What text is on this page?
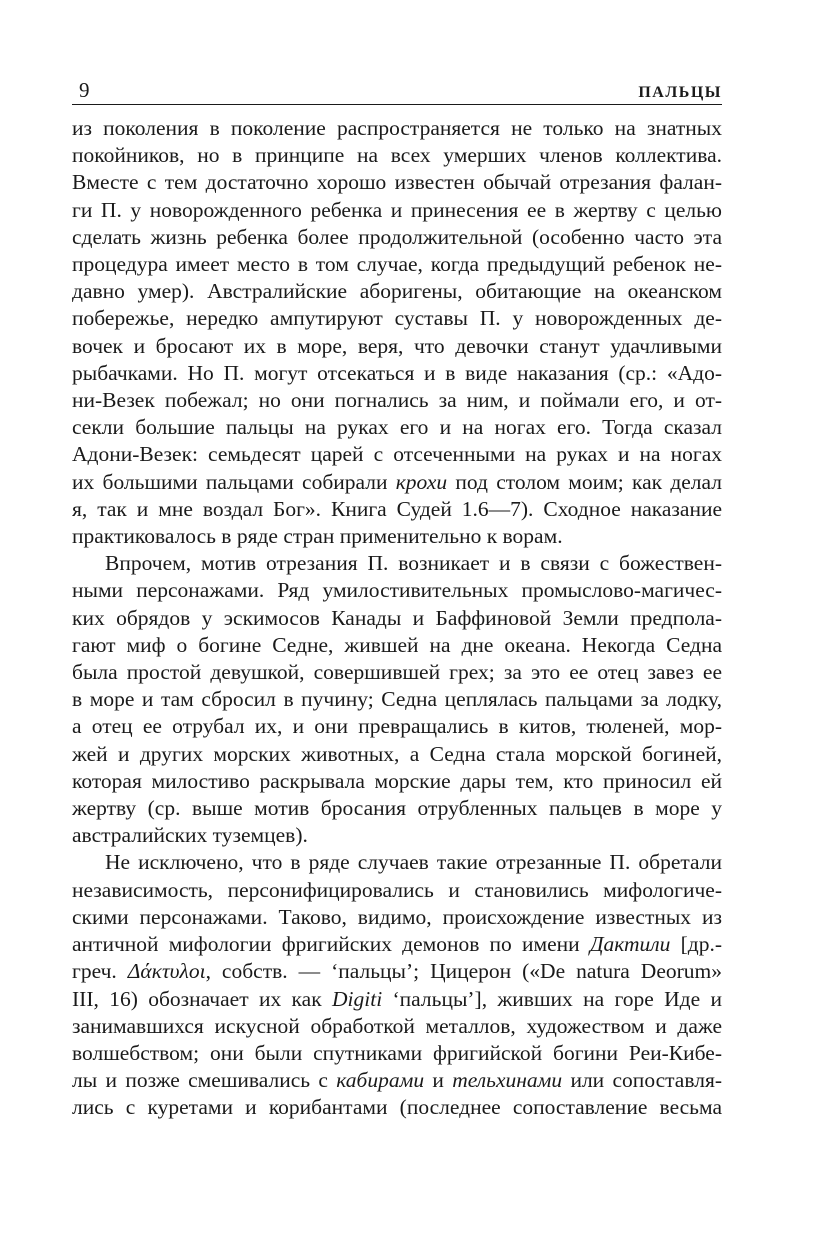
9	ПАЛЬЦЫ
из поколения в поколение распространяется не только на знатных
покойников, но в принципе на всех умерших членов коллектива.
Вместе с тем достаточно хорошо известен обычай отрезания фалан-
ги П. у новорожденного ребенка и принесения ее в жертву с целью
сделать жизнь ребенка более продолжительной (особенно часто эта
процедура имеет место в том случае, когда предыдущий ребенок не-
давно умер). Австралийские аборигены, обитающие на океанском
побережье, нередко ампутируют суставы П. у новорожденных де-
вочек и бросают их в море, веря, что девочки станут удачливыми
рыбачками. Но П. могут отсекаться и в виде наказания (ср.: «Адо-
ни-Везек побежал; но они погнались за ним, и поймали его, и от-
секли большие пальцы на руках его и на ногах его. Тогда сказал
Адони-Везек: семьдесят царей с отсеченными на руках и на ногах
их большими пальцами собирали крохи под столом моим; как делал
я, так и мне воздал Бог». Книга Судей 1.6—7). Сходное наказание
практиковалось в ряде стран применительно к ворам.
Впрочем, мотив отрезания П. возникает и в связи с божествен-
ными персонажами. Ряд умилостивительных промыслово-магичес-
ких обрядов у эскимосов Канады и Баффиновой Земли предпола-
гают миф о богине Седне, жившей на дне океана. Некогда Седна
была простой девушкой, совершившей грех; за это ее отец завез ее
в море и там сбросил в пучину; Седна цеплялась пальцами за лодку,
а отец ее отрубал их, и они превращались в китов, тюленей, мор-
жей и других морских животных, а Седна стала морской богиней,
которая милостиво раскрывала морские дары тем, кто приносил ей
жертву (ср. выше мотив бросания отрубленных пальцев в море у
австралийских туземцев).
Не исключено, что в ряде случаев такие отрезанные П. обретали
независимость, персонифицировались и становились мифологиче-
скими персонажами. Таково, видимо, происхождение известных из
античной мифологии фригийских демонов по имени Дактили [др.-
греч. Δάκτυλοι, собств. — ‘пальцы’; Цицерон («De natura Deorum»
III, 16) обозначает их как Digiti ‘пальцы’], живших на горе Иде и
занимавшихся искусной обработкой металлов, художеством и даже
волшебством; они были спутниками фригийской богини Реи-Кибе-
лы и позже смешивались с кабирами и тельхинами или сопоставля-
лись с куретами и корибантами (последнее сопоставление весьма
